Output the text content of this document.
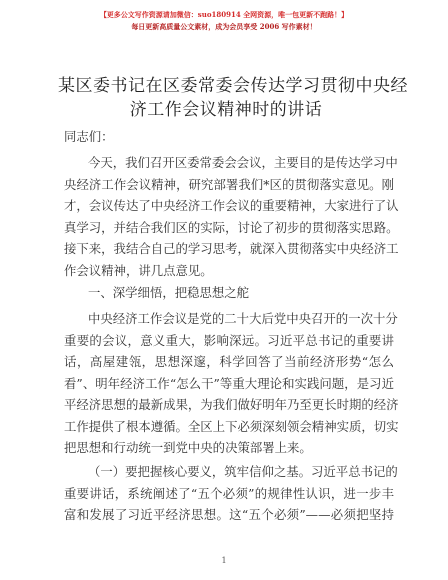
【更多公文写作资源请加微信：suo180914 全网资源，唯一包更新不跑路！】
每日更新高质量公文素材，成为会员享受 2006 写作素材！
某区委书记在区委常委会传达学习贯彻中央经
济工作会议精神时的讲话
同志们：
今天，我们召开区委常委会会议，主要目的是传达学习中
央经济工作会议精神，研究部署我们*区的贯彻落实意见。刚
才，会议传达了中央经济工作会议的重要精神，大家进行了认
真学习，并结合我们区的实际，讨论了初步的贯彻落实思路。
接下来，我结合自己的学习思考，就深入贯彻落实中央经济工
作会议精神，讲几点意见。
一、深学细悟，把稳思想之舵
中央经济工作会议是党的二十大后党中央召开的一次十分
重要的会议，意义重大，影响深远。习近平总书记的重要讲
话，高屋建瓴，思想深邃，科学回答了当前经济形势“怎么
看”、明年经济工作“怎么干”等重大理论和实践问题，是习近
平经济思想的最新成果，为我们做好明年乃至更长时期的经济
工作提供了根本遵循。全区上下必须深刻领会精神实质，切实
把思想和行动统一到党中央的决策部署上来。
（一）要把握核心要义，筑牢信仰之基。习近平总书记的
重要讲话，系统阐述了“五个必须”的规律性认识，进一步丰
富和发展了习近平经济思想。这“五个必须”——必须把坚持
1
